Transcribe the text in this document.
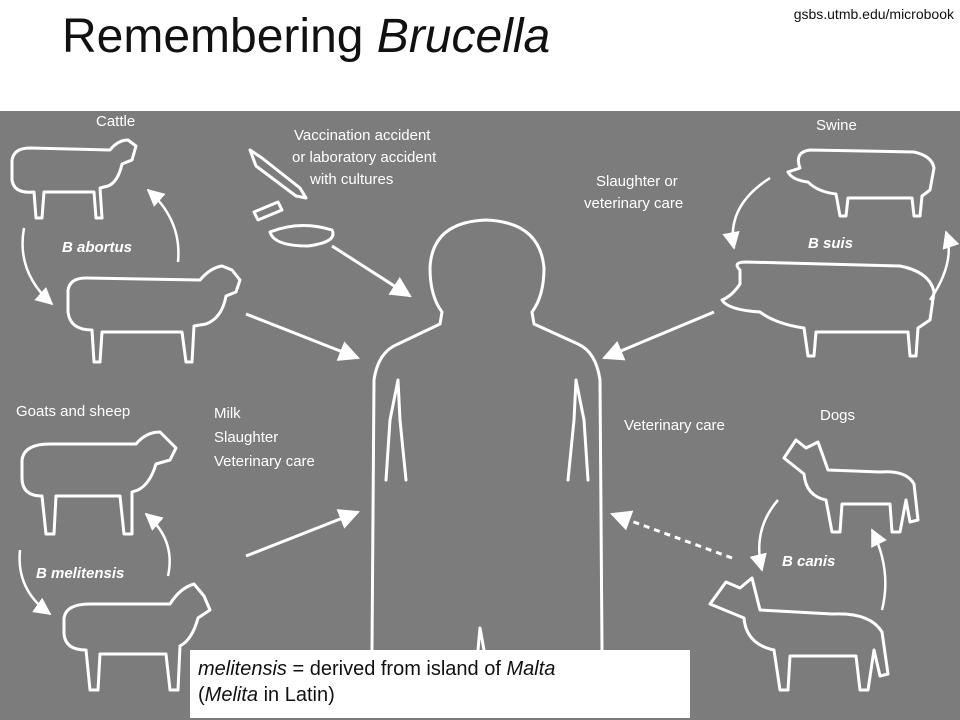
Remembering Brucella	gsbs.utmb.edu/microbook
Cattle
B abortus
Swine
B suis
Goats and sheep
B melitensis
Dogs
B canis
Vaccination accident
or laboratory accident
with cultures	Slaughter or
veterinary care
Milk
Slaughter
Veterinary care
Veterinary care
melitensis = derived from island of Malta
(Melita in Latin)
